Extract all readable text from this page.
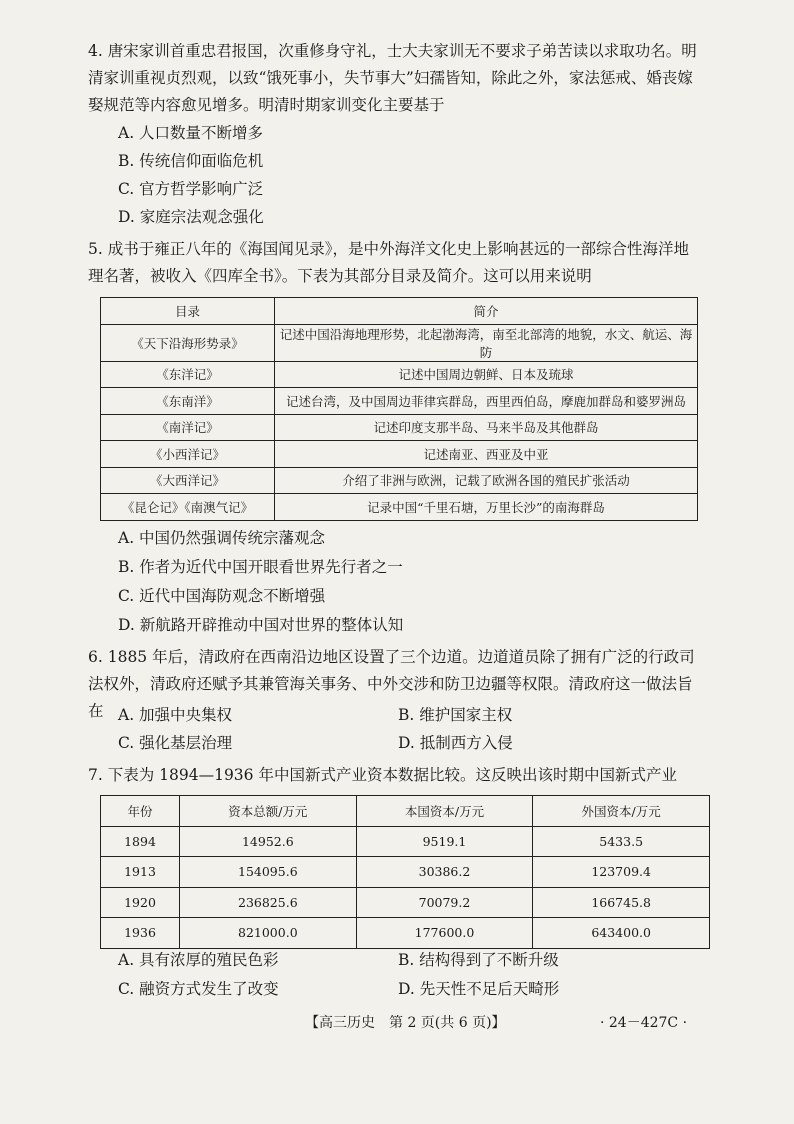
4. 唐宋家训首重忠君报国，次重修身守礼，士大夫家训无不要求子弟苦读以求取功名。明清家训重视贞烈观，以致“饿死事小，失节事大”妇孺皆知，除此之外，家法惩戒、婚丧嫁娶规范等内容愈见增多。明清时期家训变化主要基于
A. 人口数量不断增多
B. 传统信仰面临危机
C. 官方哲学影响广泛
D. 家庭宗法观念强化
5. 成书于雍正八年的《海国闻见录》，是中外海洋文化史上影响甚远的一部综合性海洋地理名著，被收入《四库全书》。下表为其部分目录及简介。这可以用来说明
目录	简介
《天下沿海形势录》	记述中国沿海地理形势，北起渤海湾，南至北部湾的地貌，水文、航运、海防
《东洋记》	记述中国周边朝鲜、日本及琉球
《东南洋》	记述台湾，及中国周边菲律宾群岛，西里西伯岛，摩鹿加群岛和婆罗洲岛
《南洋记》	记述印度支那半岛、马来半岛及其他群岛
《小西洋记》	记述南亚、西亚及中亚
《大西洋记》	介绍了非洲与欧洲，记载了欧洲各国的殖民扩张活动
《昆仑记》《南澳气记》	记录中国“千里石塘，万里长沙”的南海群岛
A. 中国仍然强调传统宗藩观念
B. 作者为近代中国开眼看世界先行者之一
C. 近代中国海防观念不断增强
D. 新航路开辟推动中国对世界的整体认知
6. 1885 年后，清政府在西南沿边地区设置了三个边道。边道道员除了拥有广泛的行政司法权外，清政府还赋予其兼管海关事务、中外交涉和防卫边疆等权限。清政府这一做法旨在 A. 加强中央集权	B. 维护国家主权
C. 强化基层治理	D. 抵制西方入侵
7. 下表为 1894—1936 年中国新式产业资本数据比较。这反映出该时期中国新式产业
年份	资本总额/万元	本国资本/万元	外国资本/万元
1894	14952.6	9519.1	5433.5
1913	154095.6	30386.2	123709.4
1920	236825.6	70079.2	166745.8
1936	821000.0	177600.0	643400.0
A. 具有浓厚的殖民色彩	B. 结构得到了不断升级
C. 融资方式发生了改变	D. 先天性不足后天畸形
【高三历史　第 2 页(共 6 页)】	· 24－427C ·
